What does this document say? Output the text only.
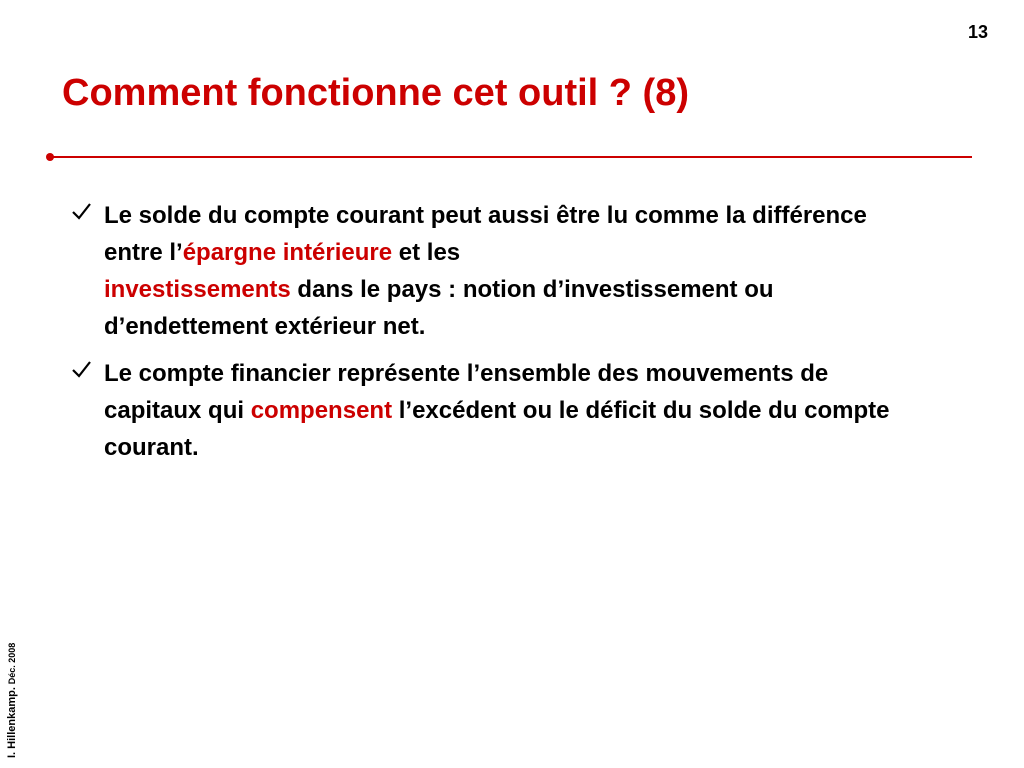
13
Comment fonctionne cet outil ? (8)
Le solde du compte courant peut aussi être lu comme la différence entre l’épargne intérieure et les
investissements dans le pays : notion d’investissement ou d’endettement extérieur net.
Le compte financier représente l’ensemble des mouvements de capitaux qui compensent l’excédent ou le déficit du solde du compte courant.
I. Hillenkamp. Déc. 2008
